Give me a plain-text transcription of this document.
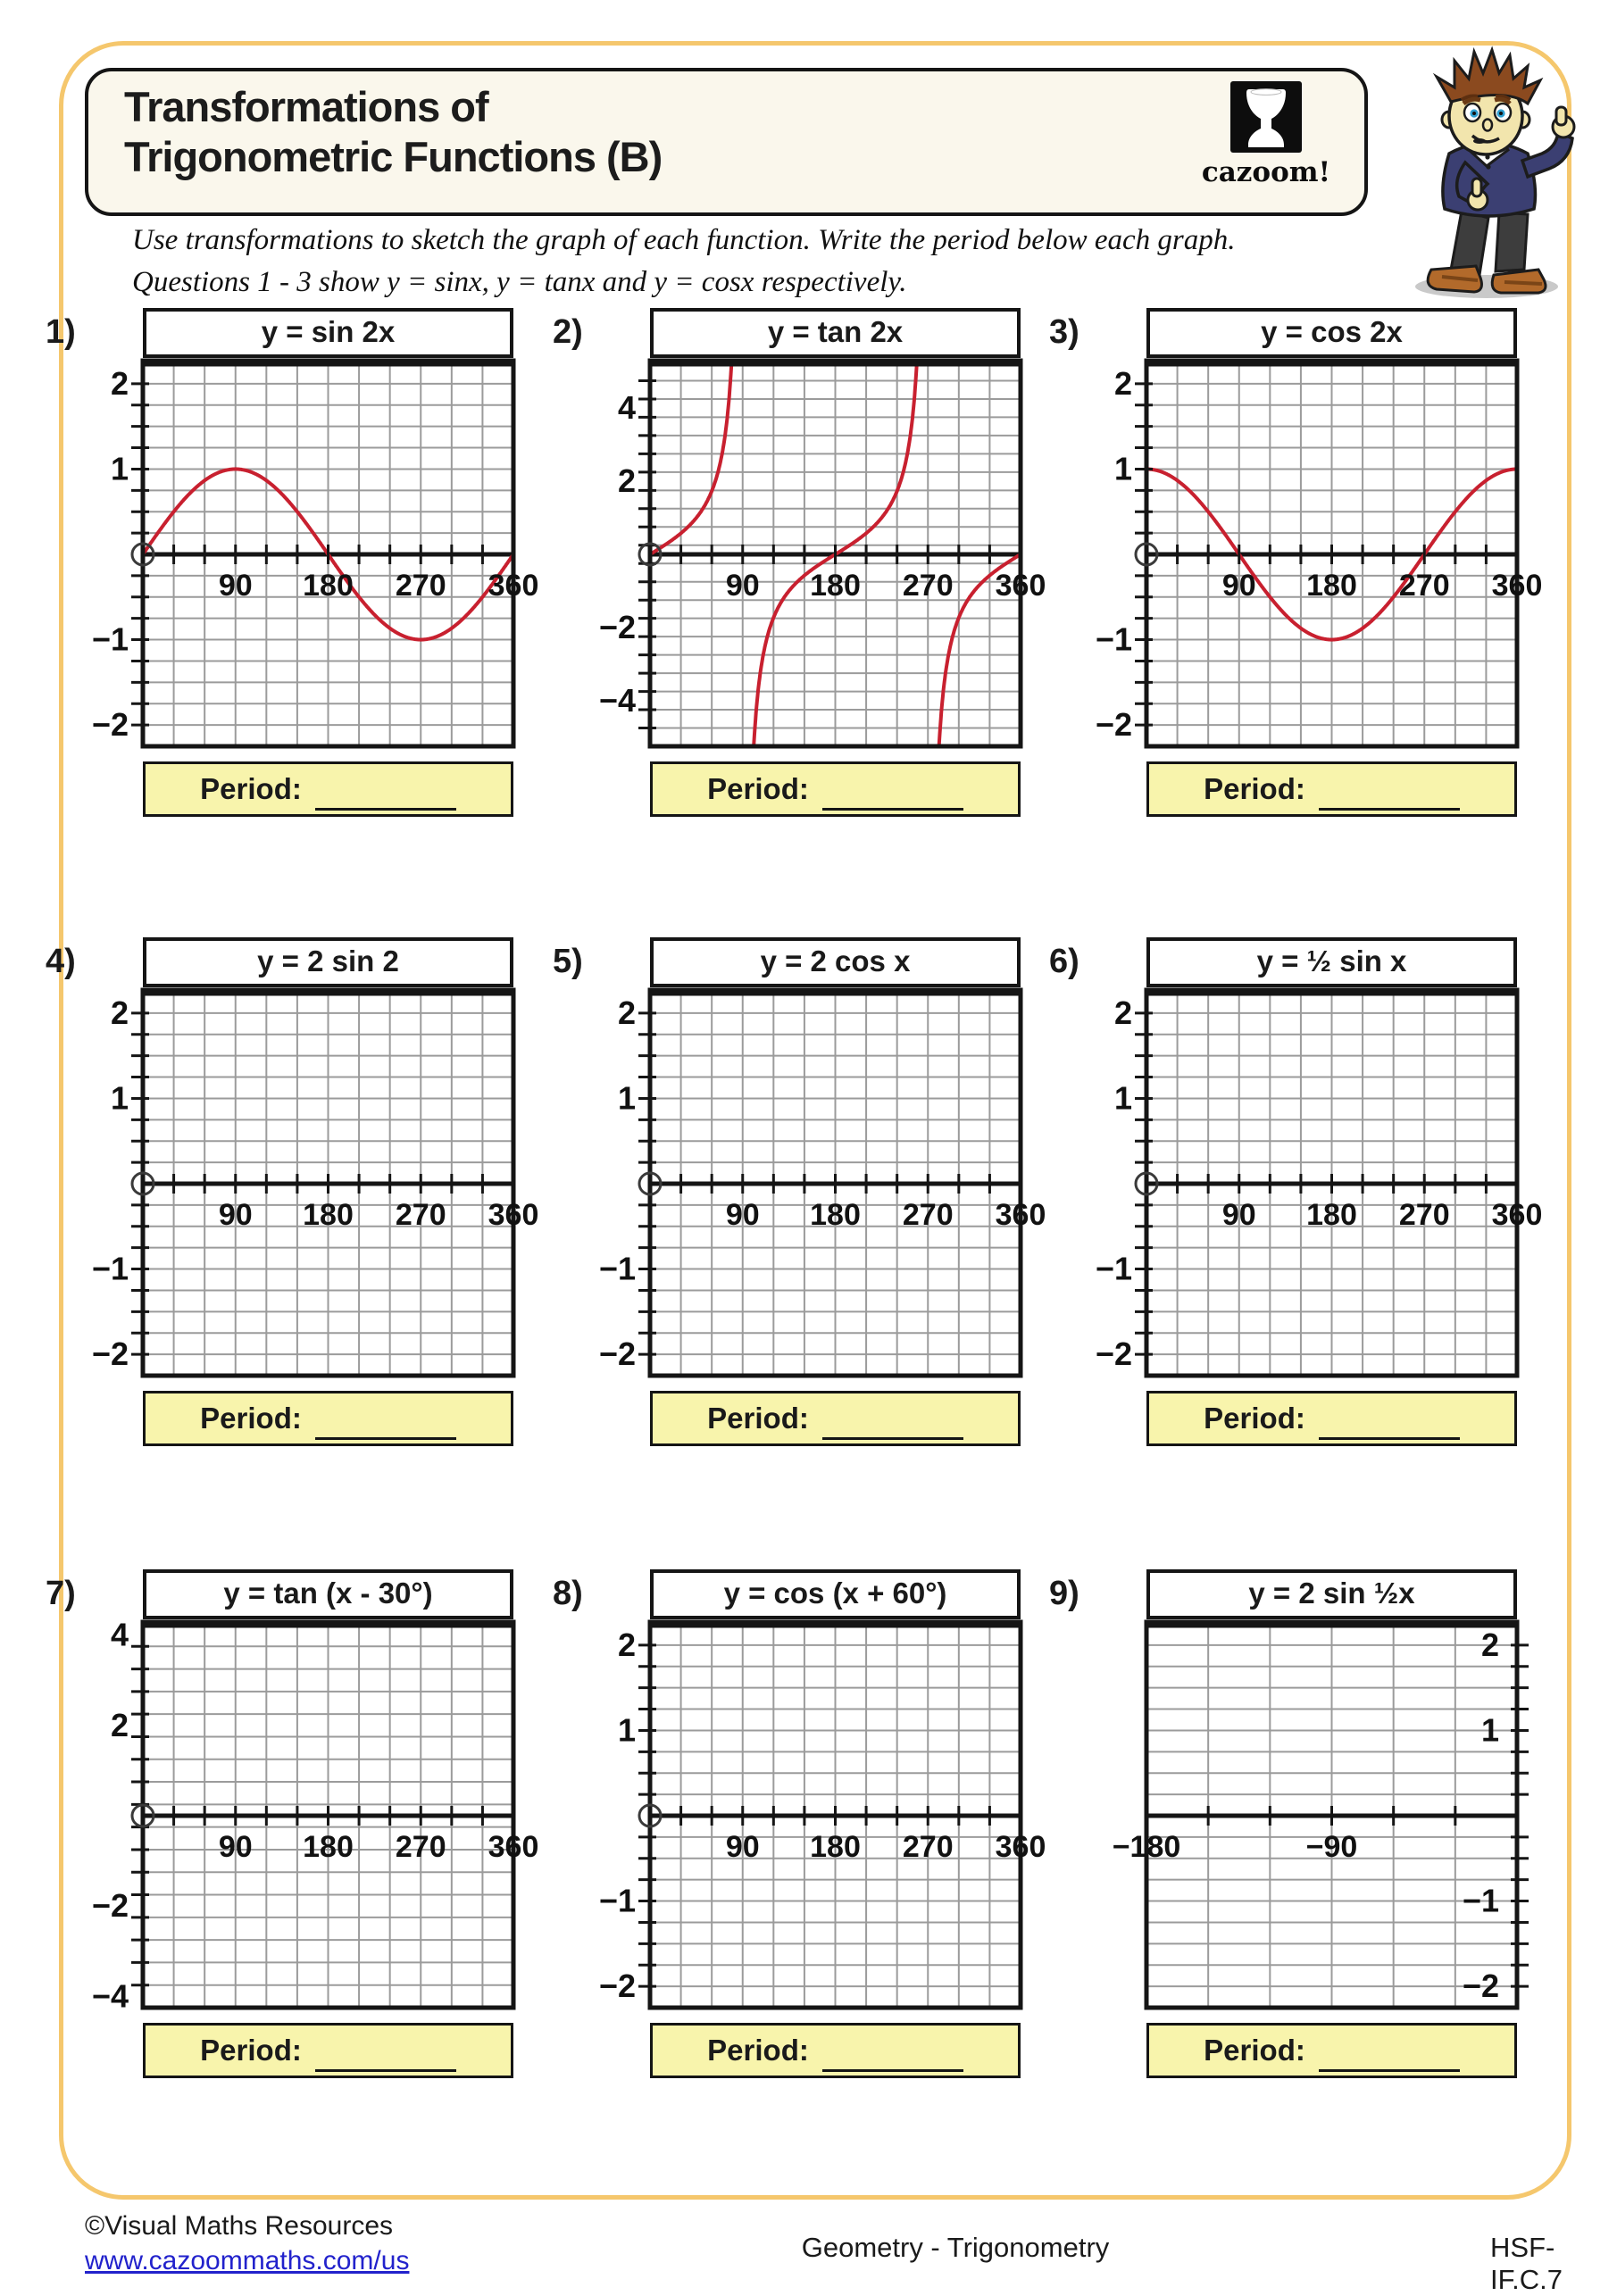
Transformations of
Trigonometric Functions (B)	cazoom!
Use transformations to sketch the graph of each function. Write the period below each graph.
Questions 1 - 3 show y = sinx, y = tanx and y = cosx respectively.
1)	y = sin 2x
90 180 270 360
2
1
−1
−2
Period:
2)	y = tan 2x
90 180 270 360
4
2
−2
−4
Period:
3)	y = cos 2x
90 180 270 360
2
1
−1
−2
Period:
4)	y = 2 sin 2
90 180 270 360
2
1
−1
−2
Period:
5)	y = 2 cos x
90 180 270 360
2
1
−1
−2
Period:
6)	y = ½ sin x
90 180 270 360
2
1
−1
−2
Period:
7)	y = tan (x - 30°)
90 180 270 360
4
2
−2
−4
Period:
8)	y = cos (x + 60°)
90 180 270 360
2
1
−1
−2
Period:
9)	y = 2 sin ½x
−180	−90
2
1
−1
−2
Period:
©Visual Maths Resources
www.cazoommaths.com/us	Geometry - Trigonometry	HSF-IF.C.7
